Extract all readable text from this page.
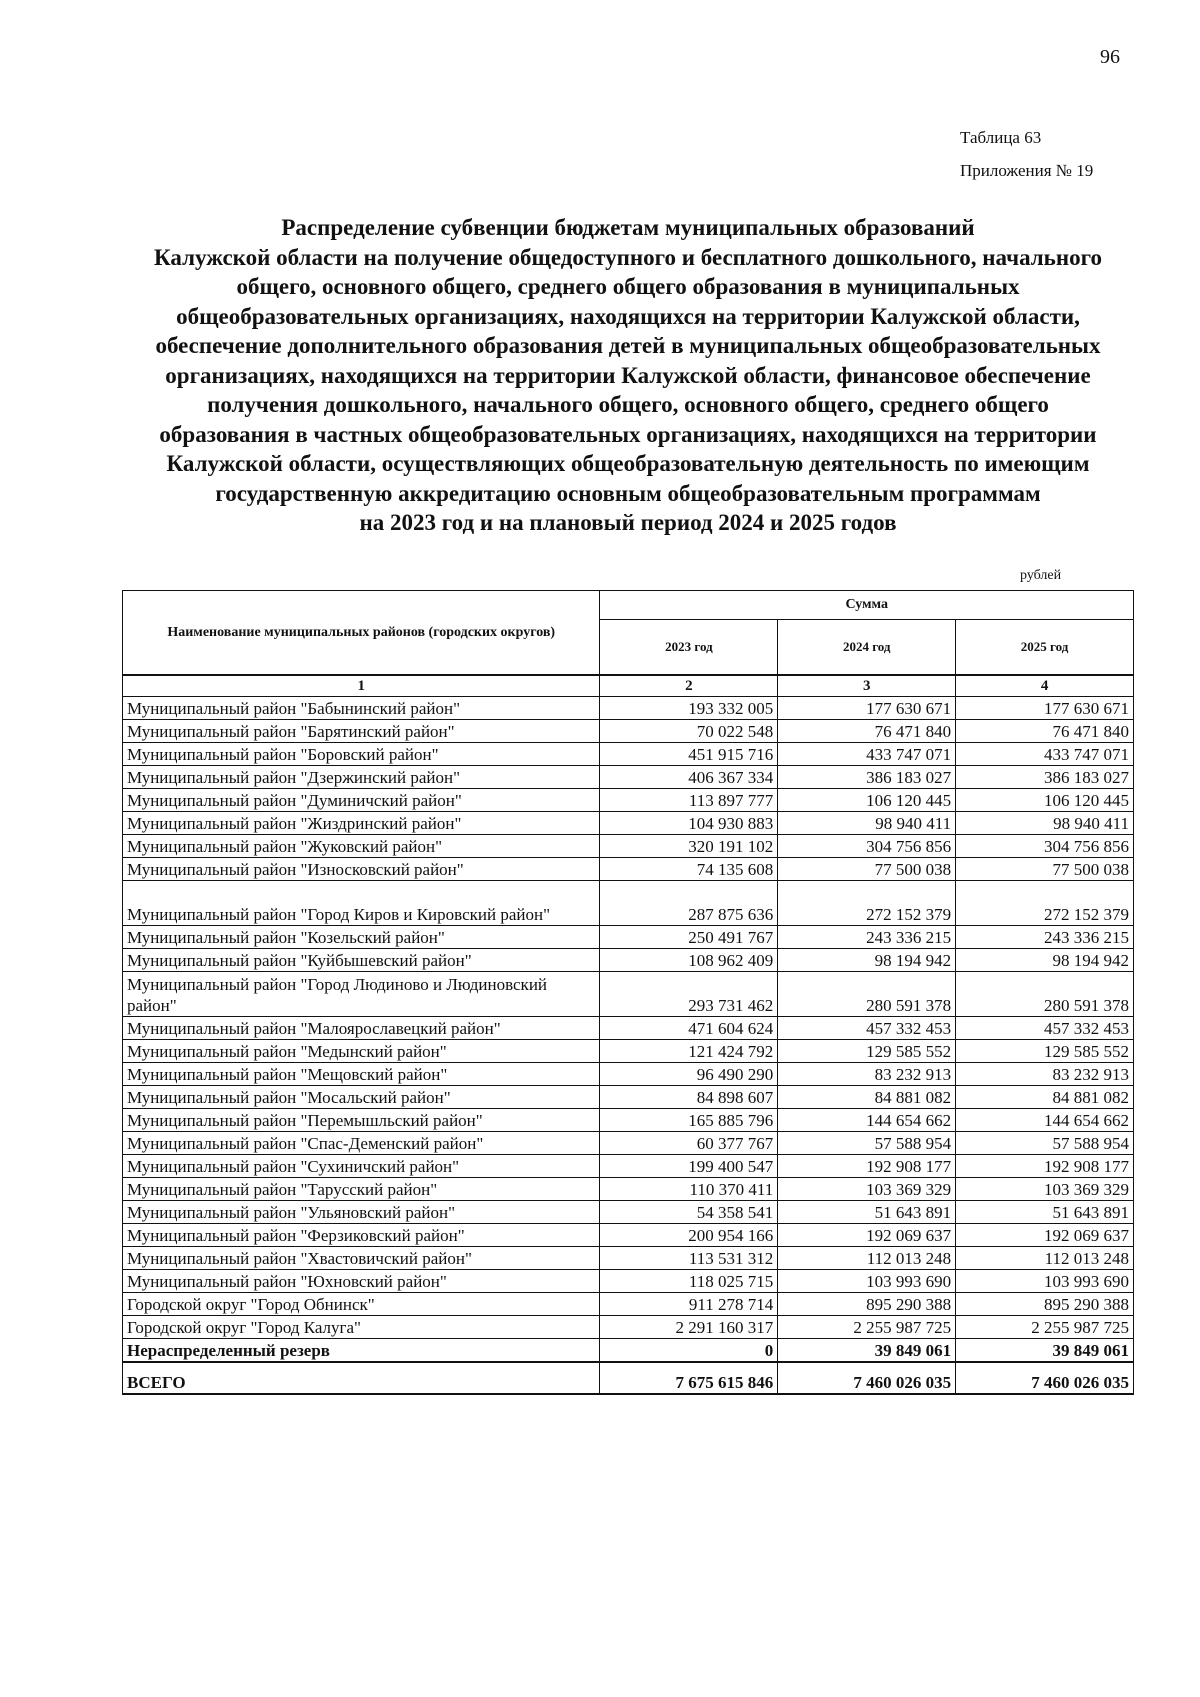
96
Таблица 63
Приложения № 19
Распределение субвенции бюджетам муниципальных образований
Калужской области на получение общедоступного и бесплатного дошкольного, начального
общего, основного общего, среднего общего образования в муниципальных
общеобразовательных организациях, находящихся на территории Калужской области,
обеспечение дополнительного образования детей в муниципальных общеобразовательных
организациях, находящихся на территории Калужской области, финансовое обеспечение
получения дошкольного, начального общего, основного общего, среднего общего
образования в частных общеобразовательных организациях, находящихся на территории
Калужской области, осуществляющих общеобразовательную деятельность по имеющим
государственную аккредитацию основным общеобразовательным программам
на 2023 год и на плановый период 2024 и 2025 годов
рублей
Наименование муниципальных районов (городских округов)	Сумма		
	2023 год	2024 год	2025 год
1	2	3	4
Муниципальный район "Бабынинский район"	193 332 005	177 630 671	177 630 671
Муниципальный район "Барятинский район"	70 022 548	76 471 840	76 471 840
Муниципальный район "Боровский район"	451 915 716	433 747 071	433 747 071
Муниципальный район "Дзержинский район"	406 367 334	386 183 027	386 183 027
Муниципальный район "Думиничский район"	113 897 777	106 120 445	106 120 445
Муниципальный район "Жиздринский район"	104 930 883	98 940 411	98 940 411
Муниципальный район "Жуковский район"	320 191 102	304 756 856	304 756 856
Муниципальный район "Износковский район"	74 135 608	77 500 038	77 500 038
Муниципальный район "Город Киров и Кировский район"	287 875 636	272 152 379	272 152 379
Муниципальный район "Козельский район"	250 491 767	243 336 215	243 336 215
Муниципальный район "Куйбышевский район"	108 962 409	98 194 942	98 194 942
Муниципальный район "Город Людиново и Людиновский район"	293 731 462	280 591 378	280 591 378
Муниципальный район "Малоярославецкий район"	471 604 624	457 332 453	457 332 453
Муниципальный район "Медынский район"	121 424 792	129 585 552	129 585 552
Муниципальный район "Мещовский район"	96 490 290	83 232 913	83 232 913
Муниципальный район "Мосальский район"	84 898 607	84 881 082	84 881 082
Муниципальный район "Перемышльский район"	165 885 796	144 654 662	144 654 662
Муниципальный район "Спас-Деменский район"	60 377 767	57 588 954	57 588 954
Муниципальный район "Сухиничский район"	199 400 547	192 908 177	192 908 177
Муниципальный район "Тарусский район"	110 370 411	103 369 329	103 369 329
Муниципальный район "Ульяновский район"	54 358 541	51 643 891	51 643 891
Муниципальный район "Ферзиковский район"	200 954 166	192 069 637	192 069 637
Муниципальный район "Хвастовичский район"	113 531 312	112 013 248	112 013 248
Муниципальный район "Юхновский район"	118 025 715	103 993 690	103 993 690
Городской округ "Город Обнинск"	911 278 714	895 290 388	895 290 388
Городской округ "Город Калуга"	2 291 160 317	2 255 987 725	2 255 987 725
Нераспределенный резерв	0	39 849 061	39 849 061
ВСЕГО	7 675 615 846	7 460 026 035	7 460 026 035
